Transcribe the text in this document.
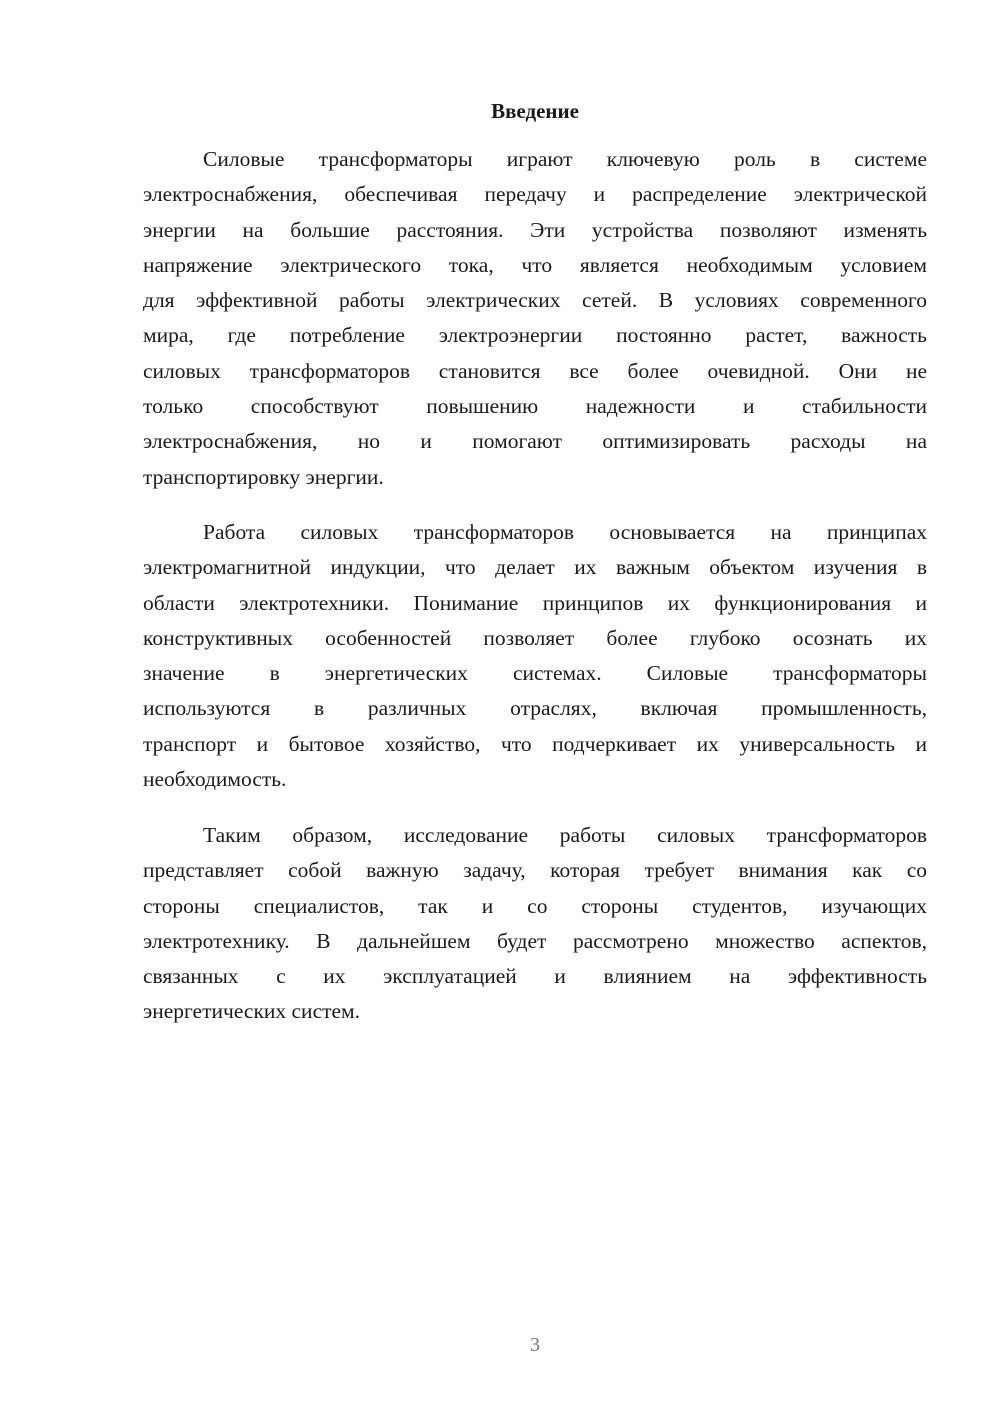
Введение
Силовые трансформаторы играют ключевую роль в системе
электроснабжения, обеспечивая передачу и распределение электрической
энергии на большие расстояния. Эти устройства позволяют изменять
напряжение электрического тока, что является необходимым условием
для эффективной работы электрических сетей. В условиях современного
мира, где потребление электроэнергии постоянно растет, важность
силовых трансформаторов становится все более очевидной. Они не
только способствуют повышению надежности и стабильности
электроснабжения, но и помогают оптимизировать расходы на
транспортировку энергии.
Работа силовых трансформаторов основывается на принципах
электромагнитной индукции, что делает их важным объектом изучения в
области электротехники. Понимание принципов их функционирования и
конструктивных особенностей позволяет более глубоко осознать их
значение в энергетических системах. Силовые трансформаторы
используются в различных отраслях, включая промышленность,
транспорт и бытовое хозяйство, что подчеркивает их универсальность и
необходимость.
Таким образом, исследование работы силовых трансформаторов
представляет собой важную задачу, которая требует внимания как со
стороны специалистов, так и со стороны студентов, изучающих
электротехнику. В дальнейшем будет рассмотрено множество аспектов,
связанных с их эксплуатацией и влиянием на эффективность
энергетических систем.
3
